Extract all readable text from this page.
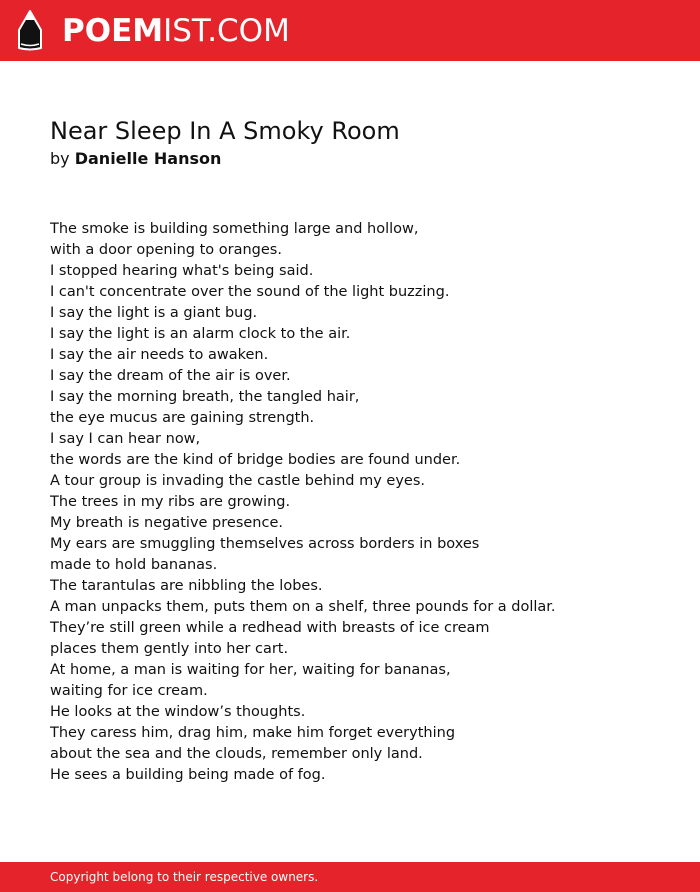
POEMIST.COM
Near Sleep In A Smoky Room
by Danielle Hanson
The smoke is building something large and hollow,
with a door opening to oranges.
I stopped hearing what's being said.
I can't concentrate over the sound of the light buzzing.
I say the light is a giant bug.
I say the light is an alarm clock to the air.
I say the air needs to awaken.
I say the dream of the air is over.
I say the morning breath, the tangled hair,
the eye mucus are gaining strength.
I say I can hear now,
the words are the kind of bridge bodies are found under.
A tour group is invading the castle behind my eyes.
The trees in my ribs are growing.
My breath is negative presence.
My ears are smuggling themselves across borders in boxes
made to hold bananas.
The tarantulas are nibbling the lobes.
A man unpacks them, puts them on a shelf, three pounds for a dollar.
They’re still green while a redhead with breasts of ice cream
places them gently into her cart.
At home, a man is waiting for her, waiting for bananas,
waiting for ice cream.
He looks at the window’s thoughts.
They caress him, drag him, make him forget everything
about the sea and the clouds, remember only land.
He sees a building being made of fog.
Copyright belong to their respective owners.
